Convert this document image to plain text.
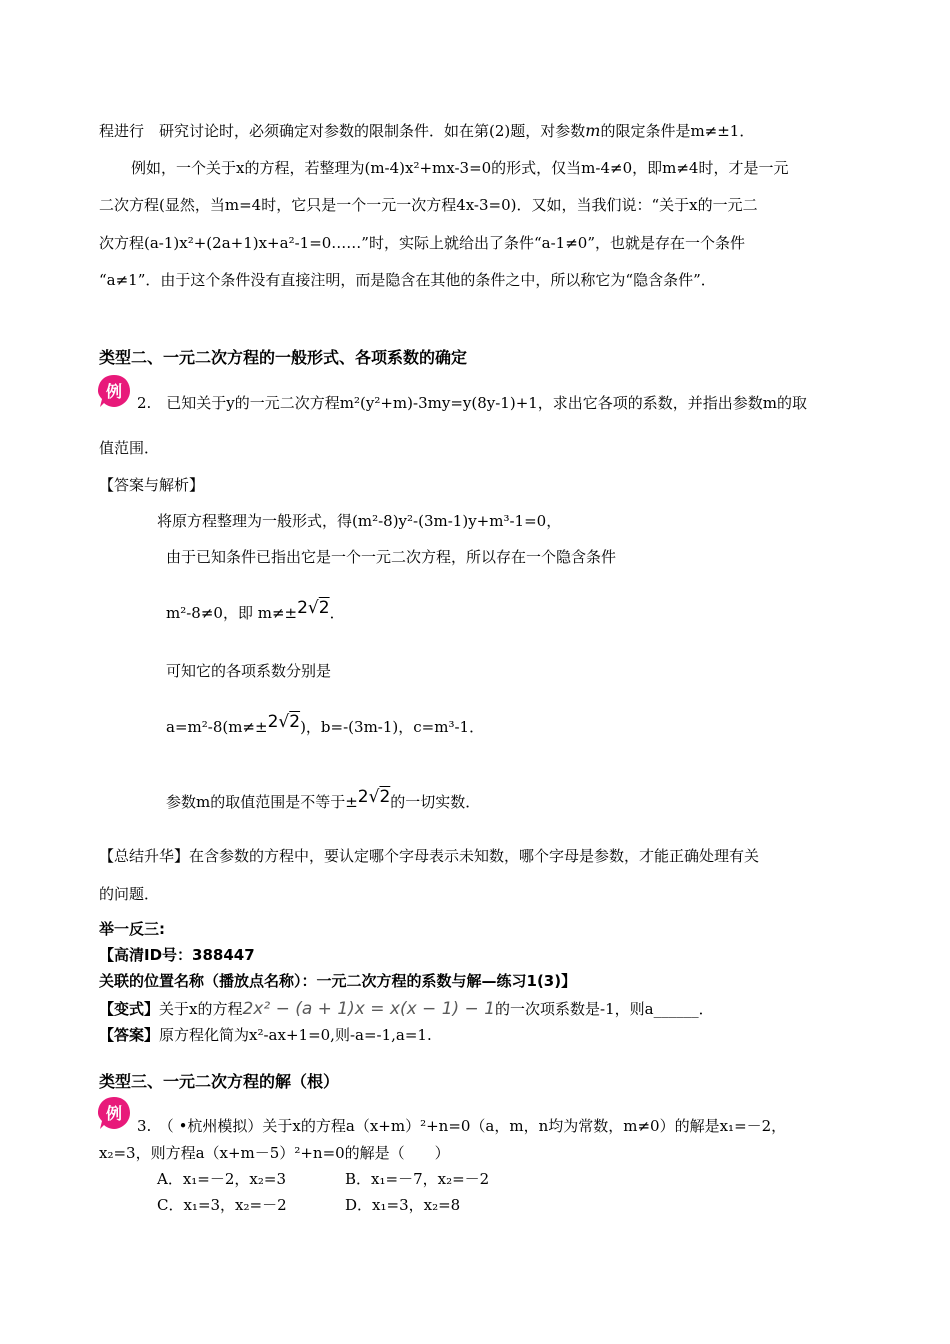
程进行　研究讨论时，必须确定对参数的限制条件．如在第(2)题，对参数m的限定条件是m≠±1．
例如，一个关于x的方程，若整理为(m-4)x²+mx-3=0的形式，仅当m-4≠0，即m≠4时，才是一元
二次方程(显然，当m=4时，它只是一个一元一次方程4x-3=0)．又如，当我们说：“关于x的一元二
次方程(a-1)x²+(2a+1)x+a²-1=0……”时，实际上就给出了条件“a-1≠0”，也就是存在一个条件
“a≠1”．由于这个条件没有直接注明，而是隐含在其他的条件之中，所以称它为“隐含条件”．
类型二、一元二次方程的一般形式、各项系数的确定
例
2.　已知关于y的一元二次方程m²(y²+m)-3my=y(8y-1)+1，求出它各项的系数，并指出参数m的取
值范围．
【答案与解析】
将原方程整理为一般形式，得(m²-8)y²-(3m-1)y+m³-1=0，
由于已知条件已指出它是一个一元二次方程，所以存在一个隐含条件
m²-8≠0，即 m≠±2√2．
可知它的各项系数分别是
a=m²-8(m≠±2√2)，b=-(3m-1)，c=m³-1．
参数m的取值范围是不等于±2√2的一切实数．
【总结升华】在含参数的方程中，要认定哪个字母表示未知数，哪个字母是参数，才能正确处理有关
的问题．
举一反三:
【高清ID号：388447
关联的位置名称（播放点名称）：一元二次方程的系数与解—练习1(3)】
【变式】关于x的方程2x² − (a + 1)x = x(x − 1) − 1的一次项系数是-1，则a______．
【答案】原方程化简为x²-ax+1=0,则-a=-1,a=1.
类型三、一元二次方程的解（根）
例
3.　（ •杭州模拟）关于x的方程a（x+m）²+n=0（a，m，n均为常数，m≠0）的解是x₁=－2，
x₂=3，则方程a（x+m－5）²+n=0的解是（　　）
A．x₁=－2，x₂=3	B．x₁=－7，x₂=－2
C．x₁=3，x₂=－2	D．x₁=3，x₂=8
